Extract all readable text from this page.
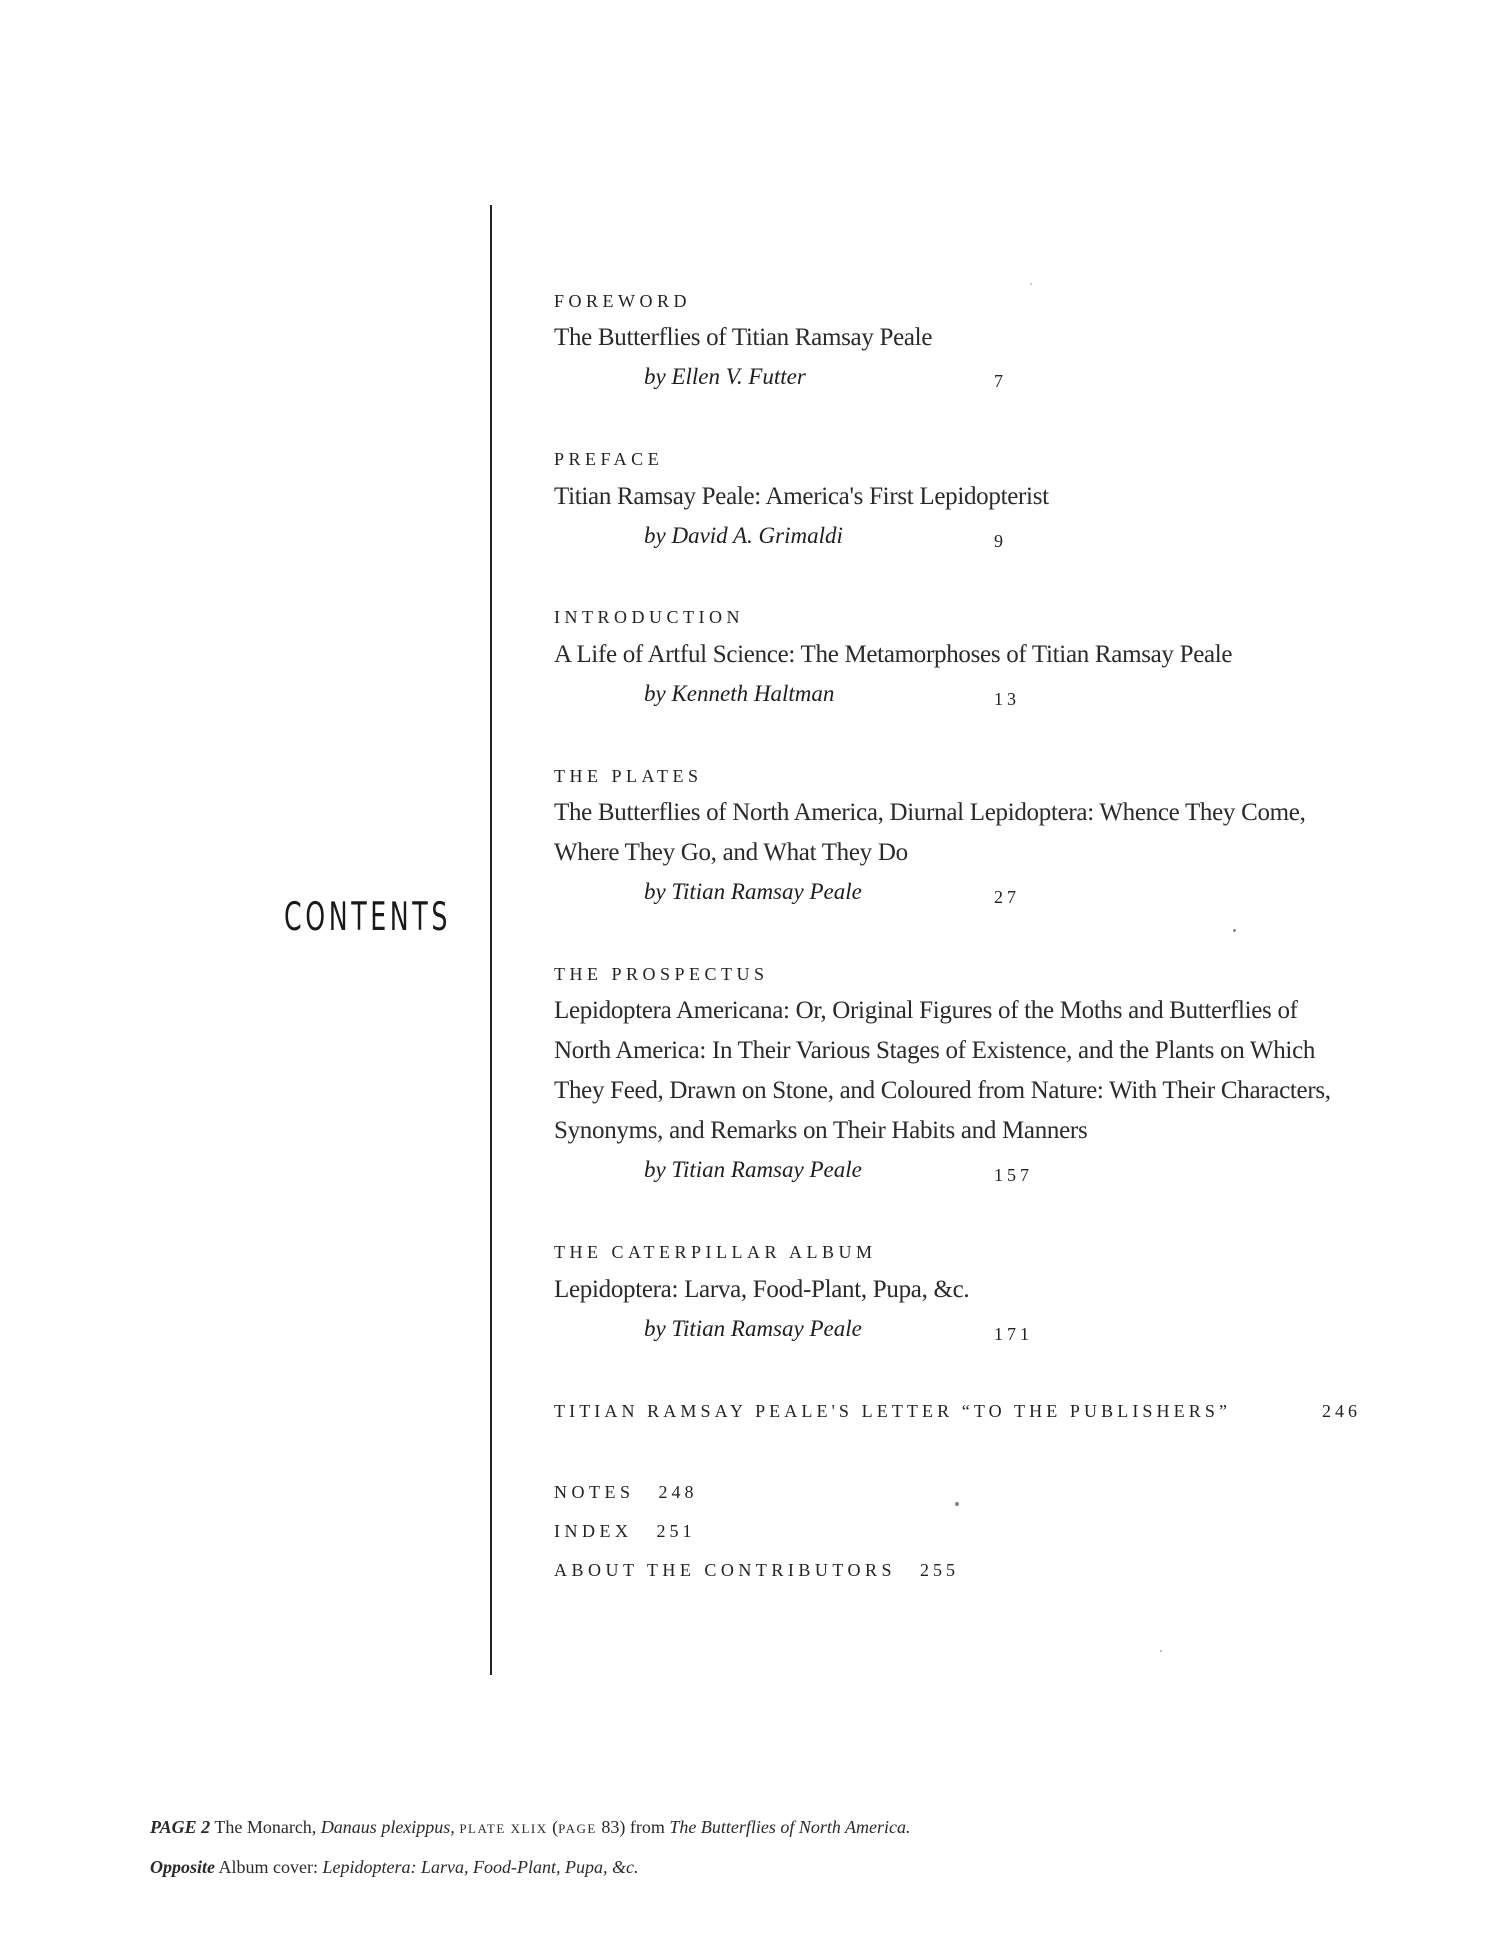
CONTENTS
FOREWORD
The Butterflies of Titian Ramsay Peale
by Ellen V. Futter	7
PREFACE
Titian Ramsay Peale: America's First Lepidopterist
by David A. Grimaldi	9
INTRODUCTION
A Life of Artful Science: The Metamorphoses of Titian Ramsay Peale
by Kenneth Haltman	13
THE PLATES
The Butterflies of North America, Diurnal Lepidoptera: Whence They Come,
Where They Go, and What They Do
by Titian Ramsay Peale	27
THE PROSPECTUS
Lepidoptera Americana: Or, Original Figures of the Moths and Butterflies of
North America: In Their Various Stages of Existence, and the Plants on Which
They Feed, Drawn on Stone, and Coloured from Nature: With Their Characters,
Synonyms, and Remarks on Their Habits and Manners
by Titian Ramsay Peale	157
THE CATERPILLAR ALBUM
Lepidoptera: Larva, Food-Plant, Pupa, &c.
by Titian Ramsay Peale	171
TITIAN RAMSAY PEALE'S LETTER “TO THE PUBLISHERS”	246
NOTES 248
INDEX 251
ABOUT THE CONTRIBUTORS 255
PAGE 2 The Monarch, Danaus plexippus, PLATE XLIX (PAGE 83) from The Butterflies of North America.
Opposite Album cover: Lepidoptera: Larva, Food-Plant, Pupa, &c.
